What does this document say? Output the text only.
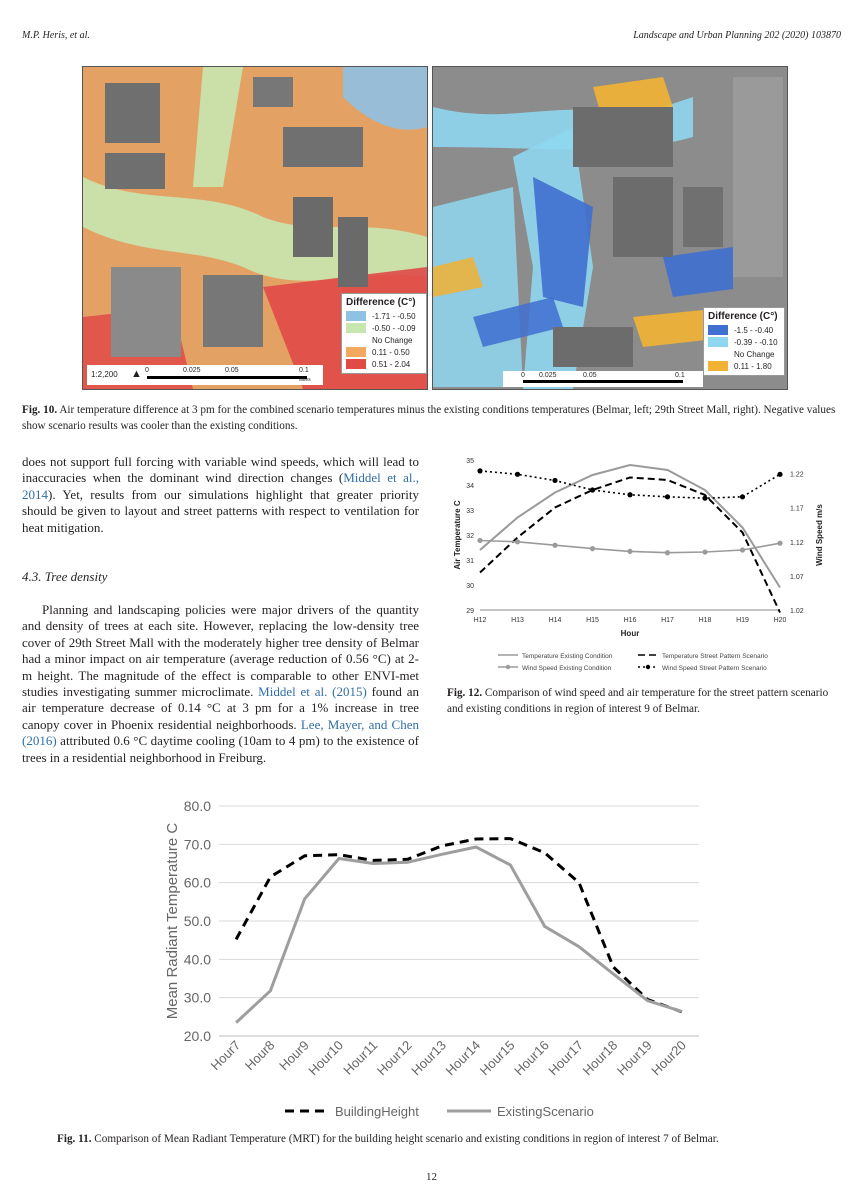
M.P. Heris, et al.	Landscape and Urban Planning 202 (2020) 103870
Difference (C°)
-1.71 - -0.50
-0.50 - -0.09
No Change
0.11 - 0.50
0.51 - 2.04
1:2,200 ▲ 0	0.025	0.05	0.1
Miles
Difference (C°)
-1.5 - -0.40
-0.39 - -0.10
No Change
0.11 - 1.80
0 0.025	0.05	0.1
Fig. 10. Air temperature difference at 3 pm for the combined scenario temperatures minus the existing conditions temperatures (Belmar, left; 29th Street Mall, right). Negative values show scenario results was cooler than the existing conditions.
does not support full forcing with variable wind speeds, which will lead to inaccuracies when the dominant wind direction changes (Middel et al., 2014). Yet, results from our simulations highlight that greater priority should be given to layout and street patterns with respect to ventilation for heat mitigation.
4.3. Tree density
Planning and landscaping policies were major drivers of the quantity and density of trees at each site. However, replacing the low-density tree cover of 29th Street Mall with the moderately higher tree density of Belmar had a minor impact on air temperature (average reduction of 0.56 °C) at 2-m height. The magnitude of the effect is comparable to other ENVI-met studies investigating summer microclimate. Middel et al. (2015) found an air temperature decrease of 0.14 °C at 3 pm for a 1% increase in tree canopy cover in Phoenix residential neighborhoods. Lee, Mayer, and Chen (2016) attributed 0.6 °C daytime cooling (10am to 4 pm) to the existence of trees in a residential neighborhood in Freiburg.
29
30
31
32
33
34
35
1.02
1.07
1.12
1.17
1.22
H12	H13	H14	H15	H16	H17	H18	H19	H20
Hour
Air Temperature C	Wind Speed m/s
Temperature Existing Condition	Temperature Street Pattern Scenario
Wind Speed Existing Condition	Wind Speed Street Pattern Scenario
Fig. 12. Comparison of wind speed and air temperature for the street pattern scenario and existing conditions in region of interest 9 of Belmar.
20.0
30.0
40.0
50.0
60.0
70.0
80.0
Hour7
Hour8
Hour9
Hour10
Hour11
Hour12
Hour13
Hour14
Hour15
Hour16
Hour17
Hour18
Hour19
Hour20
Mean Radiant Temperature C
BuildingHeight	ExistingScenario
Fig. 11. Comparison of Mean Radiant Temperature (MRT) for the building height scenario and existing conditions in region of interest 7 of Belmar.
12
